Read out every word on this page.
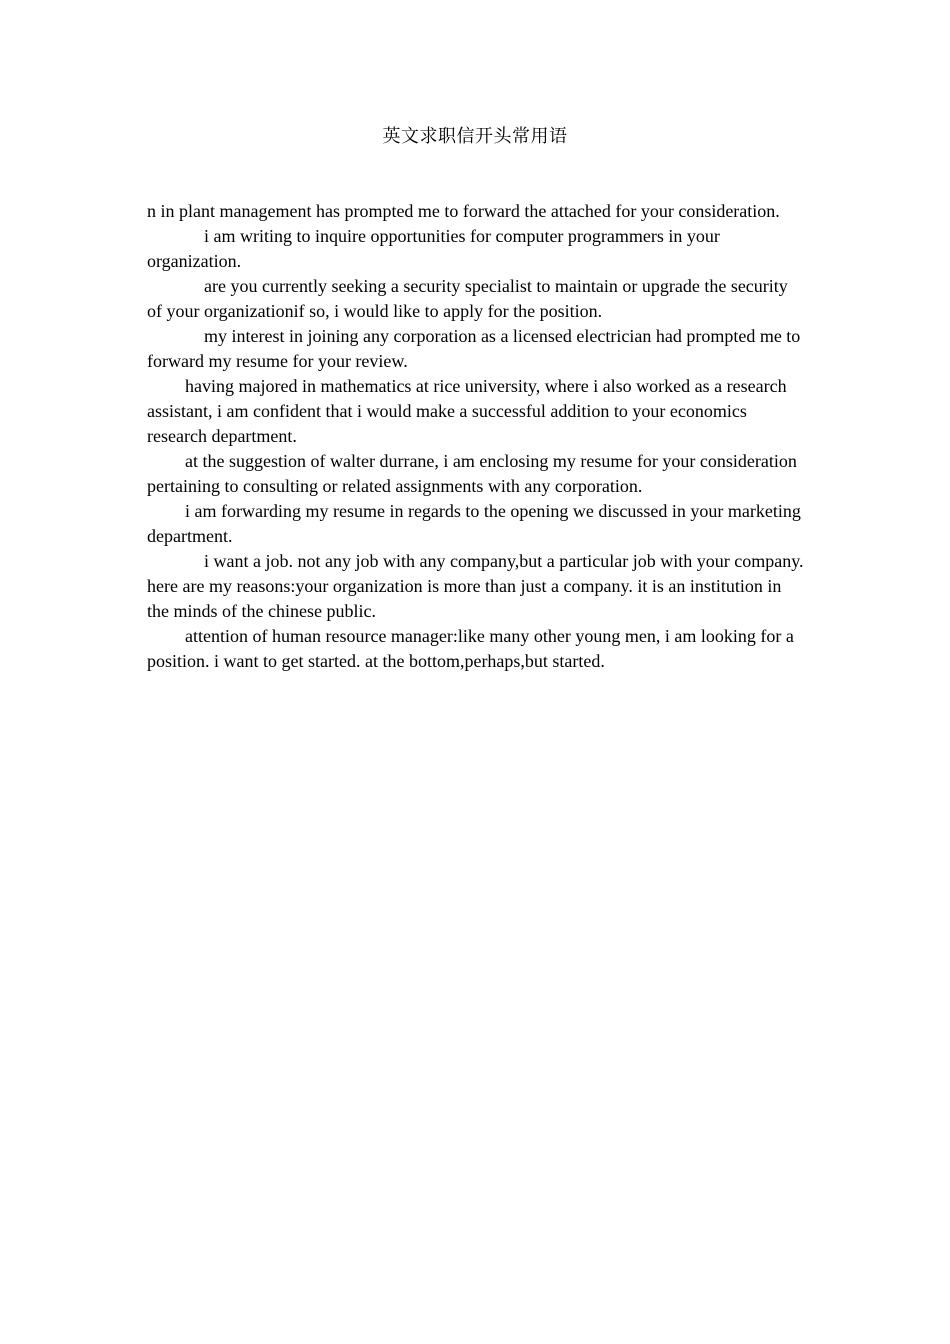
英文求职信开头常用语

n in plant management has prompted me to forward the attached for your consideration.

i am writing to inquire opportunities for computer programmers in your organization.

are you currently seeking a security specialist to maintain or upgrade the security of your organizationif so, i would like to apply for the position.

my interest in joining any corporation as a licensed electrician had prompted me to forward my resume for your review.

having majored in mathematics at rice university, where i also worked as a research assistant, i am confident that i would make a successful addition to your economics research department.

at the suggestion of walter durrane, i am enclosing my resume for your consideration pertaining to consulting or related assignments with any corporation.

i am forwarding my resume in regards to the opening we discussed in your marketing department.

i want a job. not any job with any company,but a particular job with your company. here are my reasons:your organization is more than just a company. it is an institution in the minds of the chinese public.

attention of human resource manager:like many other young men, i am looking for a position. i want to get started. at the bottom,perhaps,but started.
